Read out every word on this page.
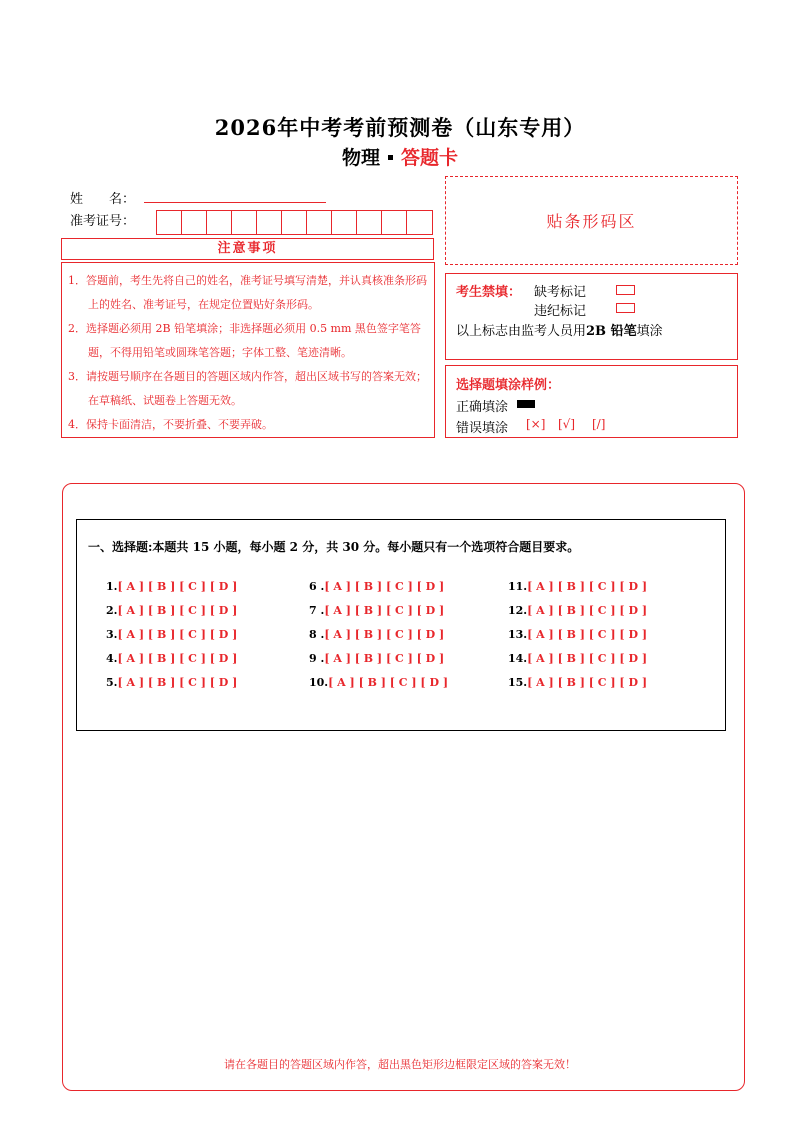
2026年中考考前预测卷（山东专用）
物理 答题卡
姓　　名：
准考证号：	贴条形码区
注意事项
1．答题前，考生先将自己的姓名，准考证号填写清楚，并认真核准条形码上的姓名、准考证号，在规定位置贴好条形码。
2．选择题必须用 2B 铅笔填涂；非选择题必须用 0.5 mm 黑色签字笔答题，不得用铅笔或圆珠笔答题；字体工整、笔迹清晰。
3．请按题号顺序在各题目的答题区域内作答，超出区域书写的答案无效；在草稿纸、试题卷上答题无效。
4．保持卡面清洁，不要折叠、不要弄破。
考生禁填： 缺考标记
违纪标记
以上标志由监考人员用2B 铅笔填涂
选择题填涂样例：
正确填涂
错误填涂 [×] [√] [/]
一、选择题:本题共 15 小题，每小题 2 分，共 30 分。每小题只有一个选项符合题目要求。
1.[ A ] [ B ] [ C ] [ D ]
2.[ A ] [ B ] [ C ] [ D ]
3.[ A ] [ B ] [ C ] [ D ]
4.[ A ] [ B ] [ C ] [ D ]
5.[ A ] [ B ] [ C ] [ D ]
6 .[ A ] [ B ] [ C ] [ D ]
7 .[ A ] [ B ] [ C ] [ D ]
8 .[ A ] [ B ] [ C ] [ D ]
9 .[ A ] [ B ] [ C ] [ D ]
10.[ A ] [ B ] [ C ] [ D ]
11.[ A ] [ B ] [ C ] [ D ]
12.[ A ] [ B ] [ C ] [ D ]
13.[ A ] [ B ] [ C ] [ D ]
14.[ A ] [ B ] [ C ] [ D ]
15.[ A ] [ B ] [ C ] [ D ]
请在各题目的答题区域内作答，超出黑色矩形边框限定区域的答案无效！
